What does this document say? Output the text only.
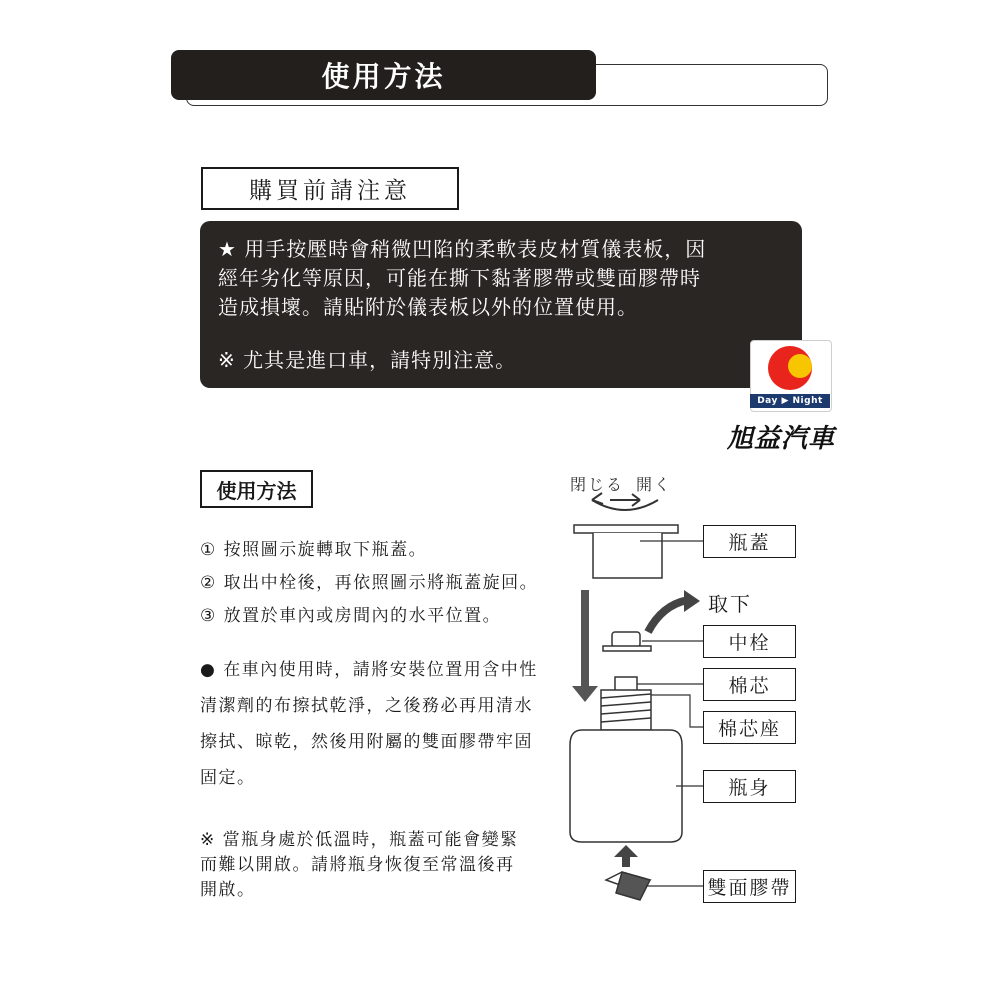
使用方法
購買前請注意

★ 用手按壓時會稍微凹陷的柔軟表皮材質儀表板，因

經年劣化等原因，可能在撕下黏著膠帶或雙面膠帶時

造成損壞。請貼附於儀表板以外的位置使用。

※ 尤其是進口車，請特別注意。

Day ▶ Night
旭益汽車
使用方法
① 按照圖示旋轉取下瓶蓋。
② 取出中栓後，再依照圖示將瓶蓋旋回。
③ 放置於車內或房間內的水平位置。
● 在車內使用時，請將安裝位置用含中性
清潔劑的布擦拭乾淨，之後務必再用清水
擦拭、晾乾，然後用附屬的雙面膠帶牢固
固定。
※ 當瓶身處於低溫時，瓶蓋可能會變緊
而難以開啟。請將瓶身恢復至常溫後再
開啟。
閉じる 開く
瓶蓋
取下
中栓
棉芯
棉芯座
瓶身
雙面膠帶
